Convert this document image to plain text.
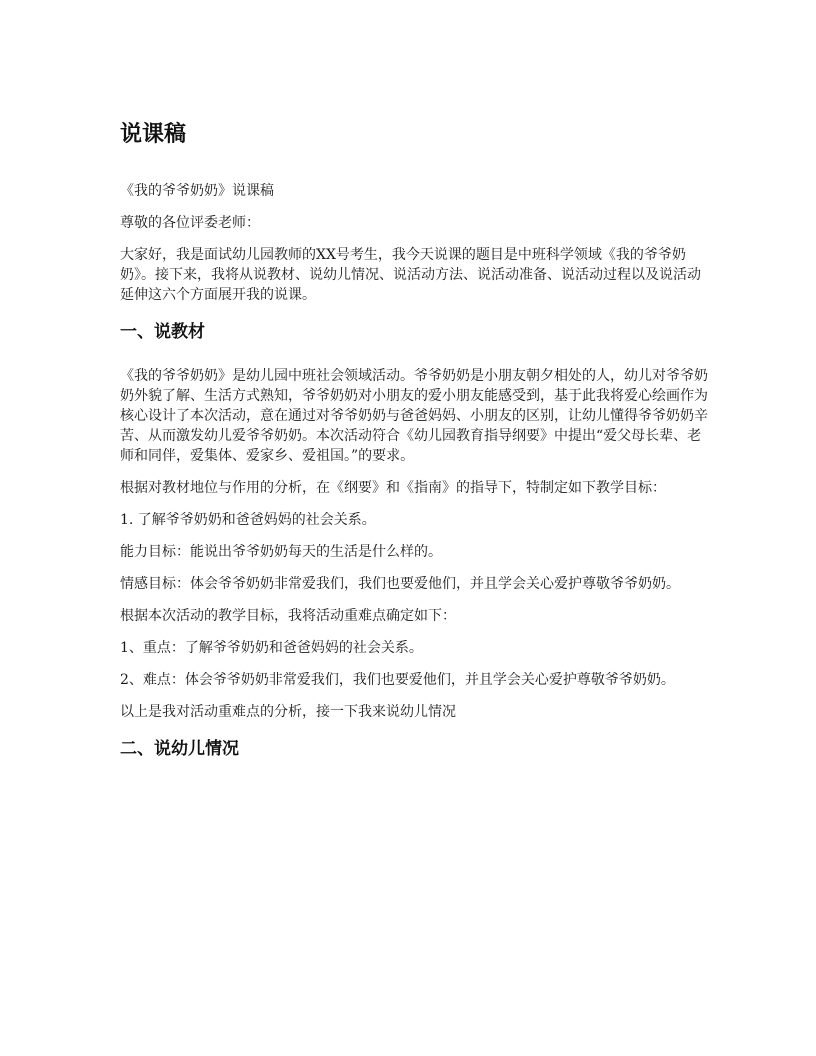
说课稿

《我的爷爷奶奶》说课稿

尊敬的各位评委老师：

大家好，我是面试幼儿园教师的XX号考生，我今天说课的题目是中班科学领域《我的爷爷奶奶》。接下来，我将从说教材、说幼儿情况、说活动方法、说活动准备、说活动过程以及说活动延伸这六个方面展开我的说课。

一、说教材

《我的爷爷奶奶》是幼儿园中班社会领域活动。爷爷奶奶是小朋友朝夕相处的人，幼儿对爷爷奶奶外貌了解、生活方式熟知，爷爷奶奶对小朋友的爱小朋友能感受到，基于此我将爱心绘画作为核心设计了本次活动，意在通过对爷爷奶奶与爸爸妈妈、小朋友的区别，让幼儿懂得爷爷奶奶辛苦、从而激发幼儿爱爷爷奶奶。本次活动符合《幼儿园教育指导纲要》中提出“爱父母长辈、老师和同伴，爱集体、爱家乡、爱祖国。”的要求。

根据对教材地位与作用的分析，在《纲要》和《指南》的指导下，特制定如下教学目标：

1. 了解爷爷奶奶和爸爸妈妈的社会关系。

能力目标：能说出爷爷奶奶每天的生活是什么样的。

情感目标：体会爷爷奶奶非常爱我们，我们也要爱他们，并且学会关心爱护尊敬爷爷奶奶。

根据本次活动的教学目标，我将活动重难点确定如下：

1、重点：了解爷爷奶奶和爸爸妈妈的社会关系。

2、难点：体会爷爷奶奶非常爱我们，我们也要爱他们，并且学会关心爱护尊敬爷爷奶奶。

以上是我对活动重难点的分析，接一下我来说幼儿情况

二、说幼儿情况
